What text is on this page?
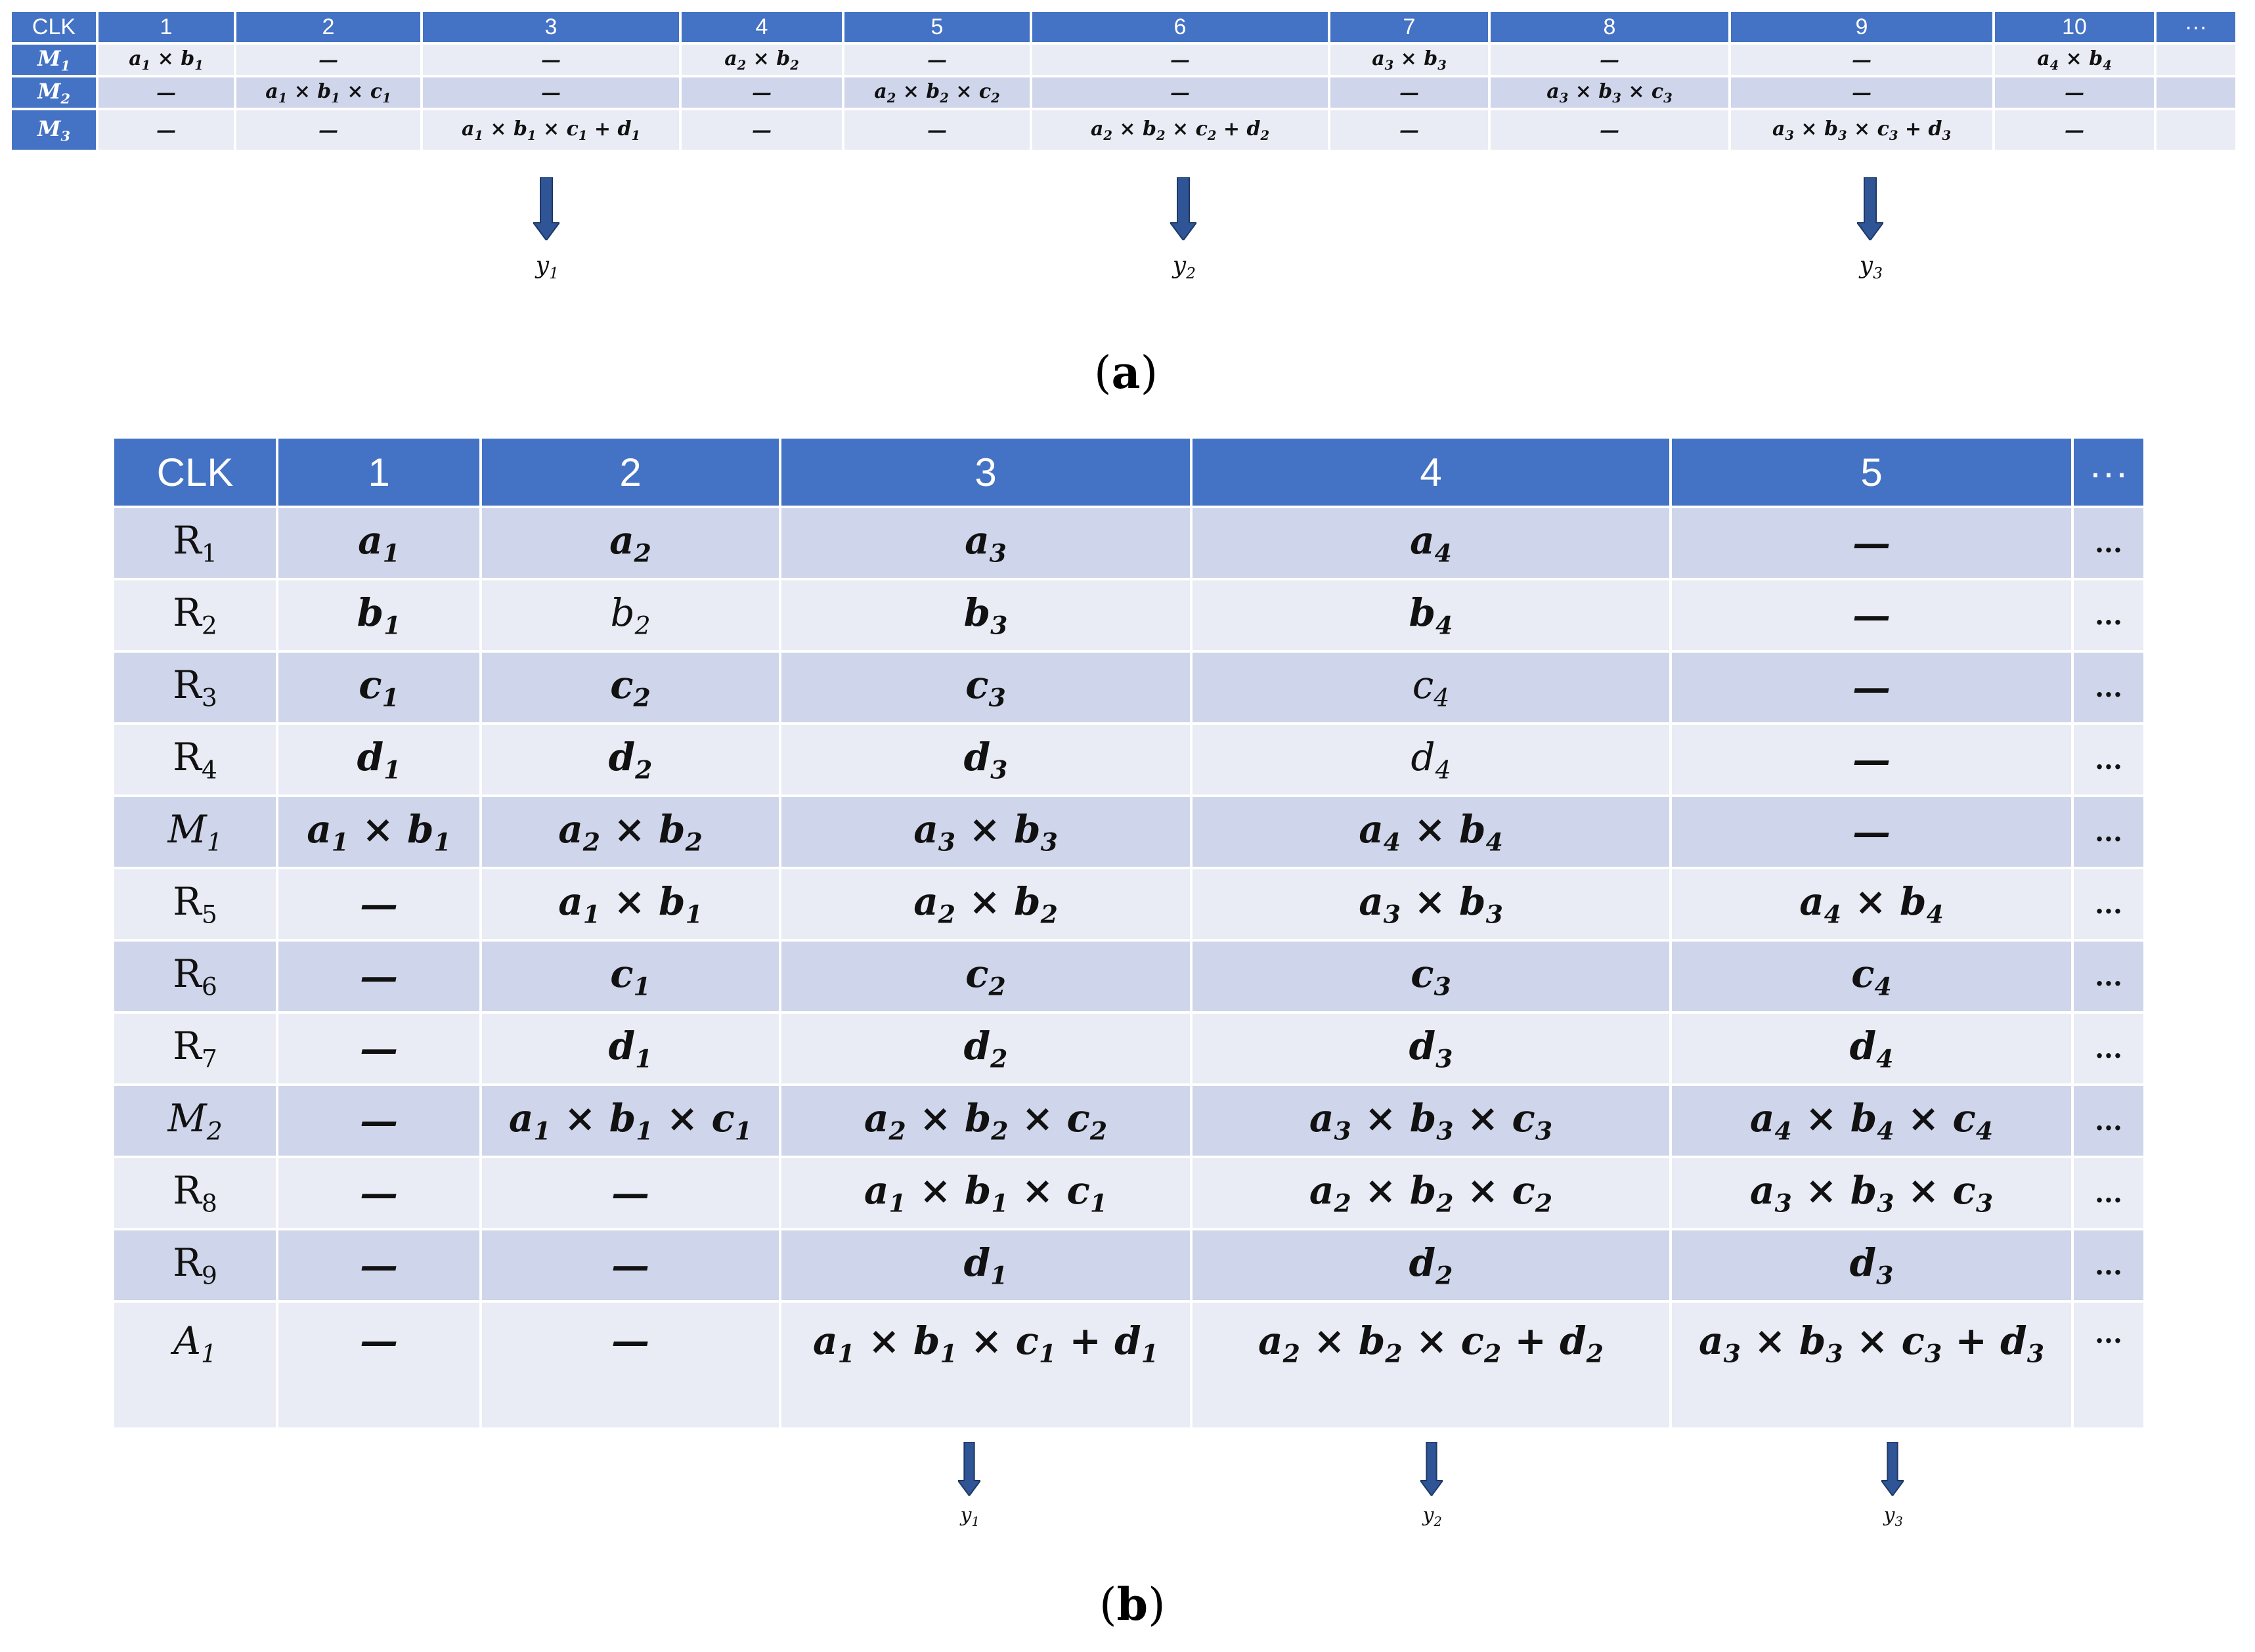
CLK	1	2	3	4	5	6	7	8	9	10	···
$M_1$	$a_1 \times b_1$	—	—	$a_2 \times b_2$	—	—	$a_3 \times b_3$	—	—	$a_4 \times b_4$	
$M_2$	—	$a_1 \times b_1 \times c_1$	—	—	$a_2 \times b_2 \times c_2$	—	—	$a_3 \times b_3 \times c_3$	—	—	
$M_3$	—	—	$a_1 \times b_1 \times c_1 + d_1$	—	—	$a_2 \times b_2 \times c_2 + d_2$	—	—	$a_3 \times b_3 \times c_3 + d_3$	—	
$y_1$	$y_2$	$y_3$
(a)
CLK	1	2	3	4	5	···
$R_1$	$a_1$	$a_2$	$a_3$	$a_4$	—	...
$R_2$	$b_1$	$b_2$	$b_3$	$b_4$	—	...
$R_3$	$c_1$	$c_2$	$c_3$	$c_4$	—	...
$R_4$	$d_1$	$d_2$	$d_3$	$d_4$	—	...
$M_1$	$a_1 \times b_1$	$a_2 \times b_2$	$a_3 \times b_3$	$a_4 \times b_4$	—	...
$R_5$	—	$a_1 \times b_1$	$a_2 \times b_2$	$a_3 \times b_3$	$a_4 \times b_4$	...
$R_6$	—	$c_1$	$c_2$	$c_3$	$c_4$	...
$R_7$	—	$d_1$	$d_2$	$d_3$	$d_4$	...
$M_2$	—	$a_1 \times b_1 \times c_1$	$a_2 \times b_2 \times c_2$	$a_3 \times b_3 \times c_3$	$a_4 \times b_4 \times c_4$	...
$R_8$	—	—	$a_1 \times b_1 \times c_1$	$a_2 \times b_2 \times c_2$	$a_3 \times b_3 \times c_3$	...
$R_9$	—	—	$d_1$	$d_2$	$d_3$	...
$A_1$	—	—	$a_1 \times b_1 \times c_1 + d_1$	$a_2 \times b_2 \times c_2 + d_2$	$a_3 \times b_3 \times c_3 + d_3$	...
$y_1$	$y_2$	$y_3$
(b)
